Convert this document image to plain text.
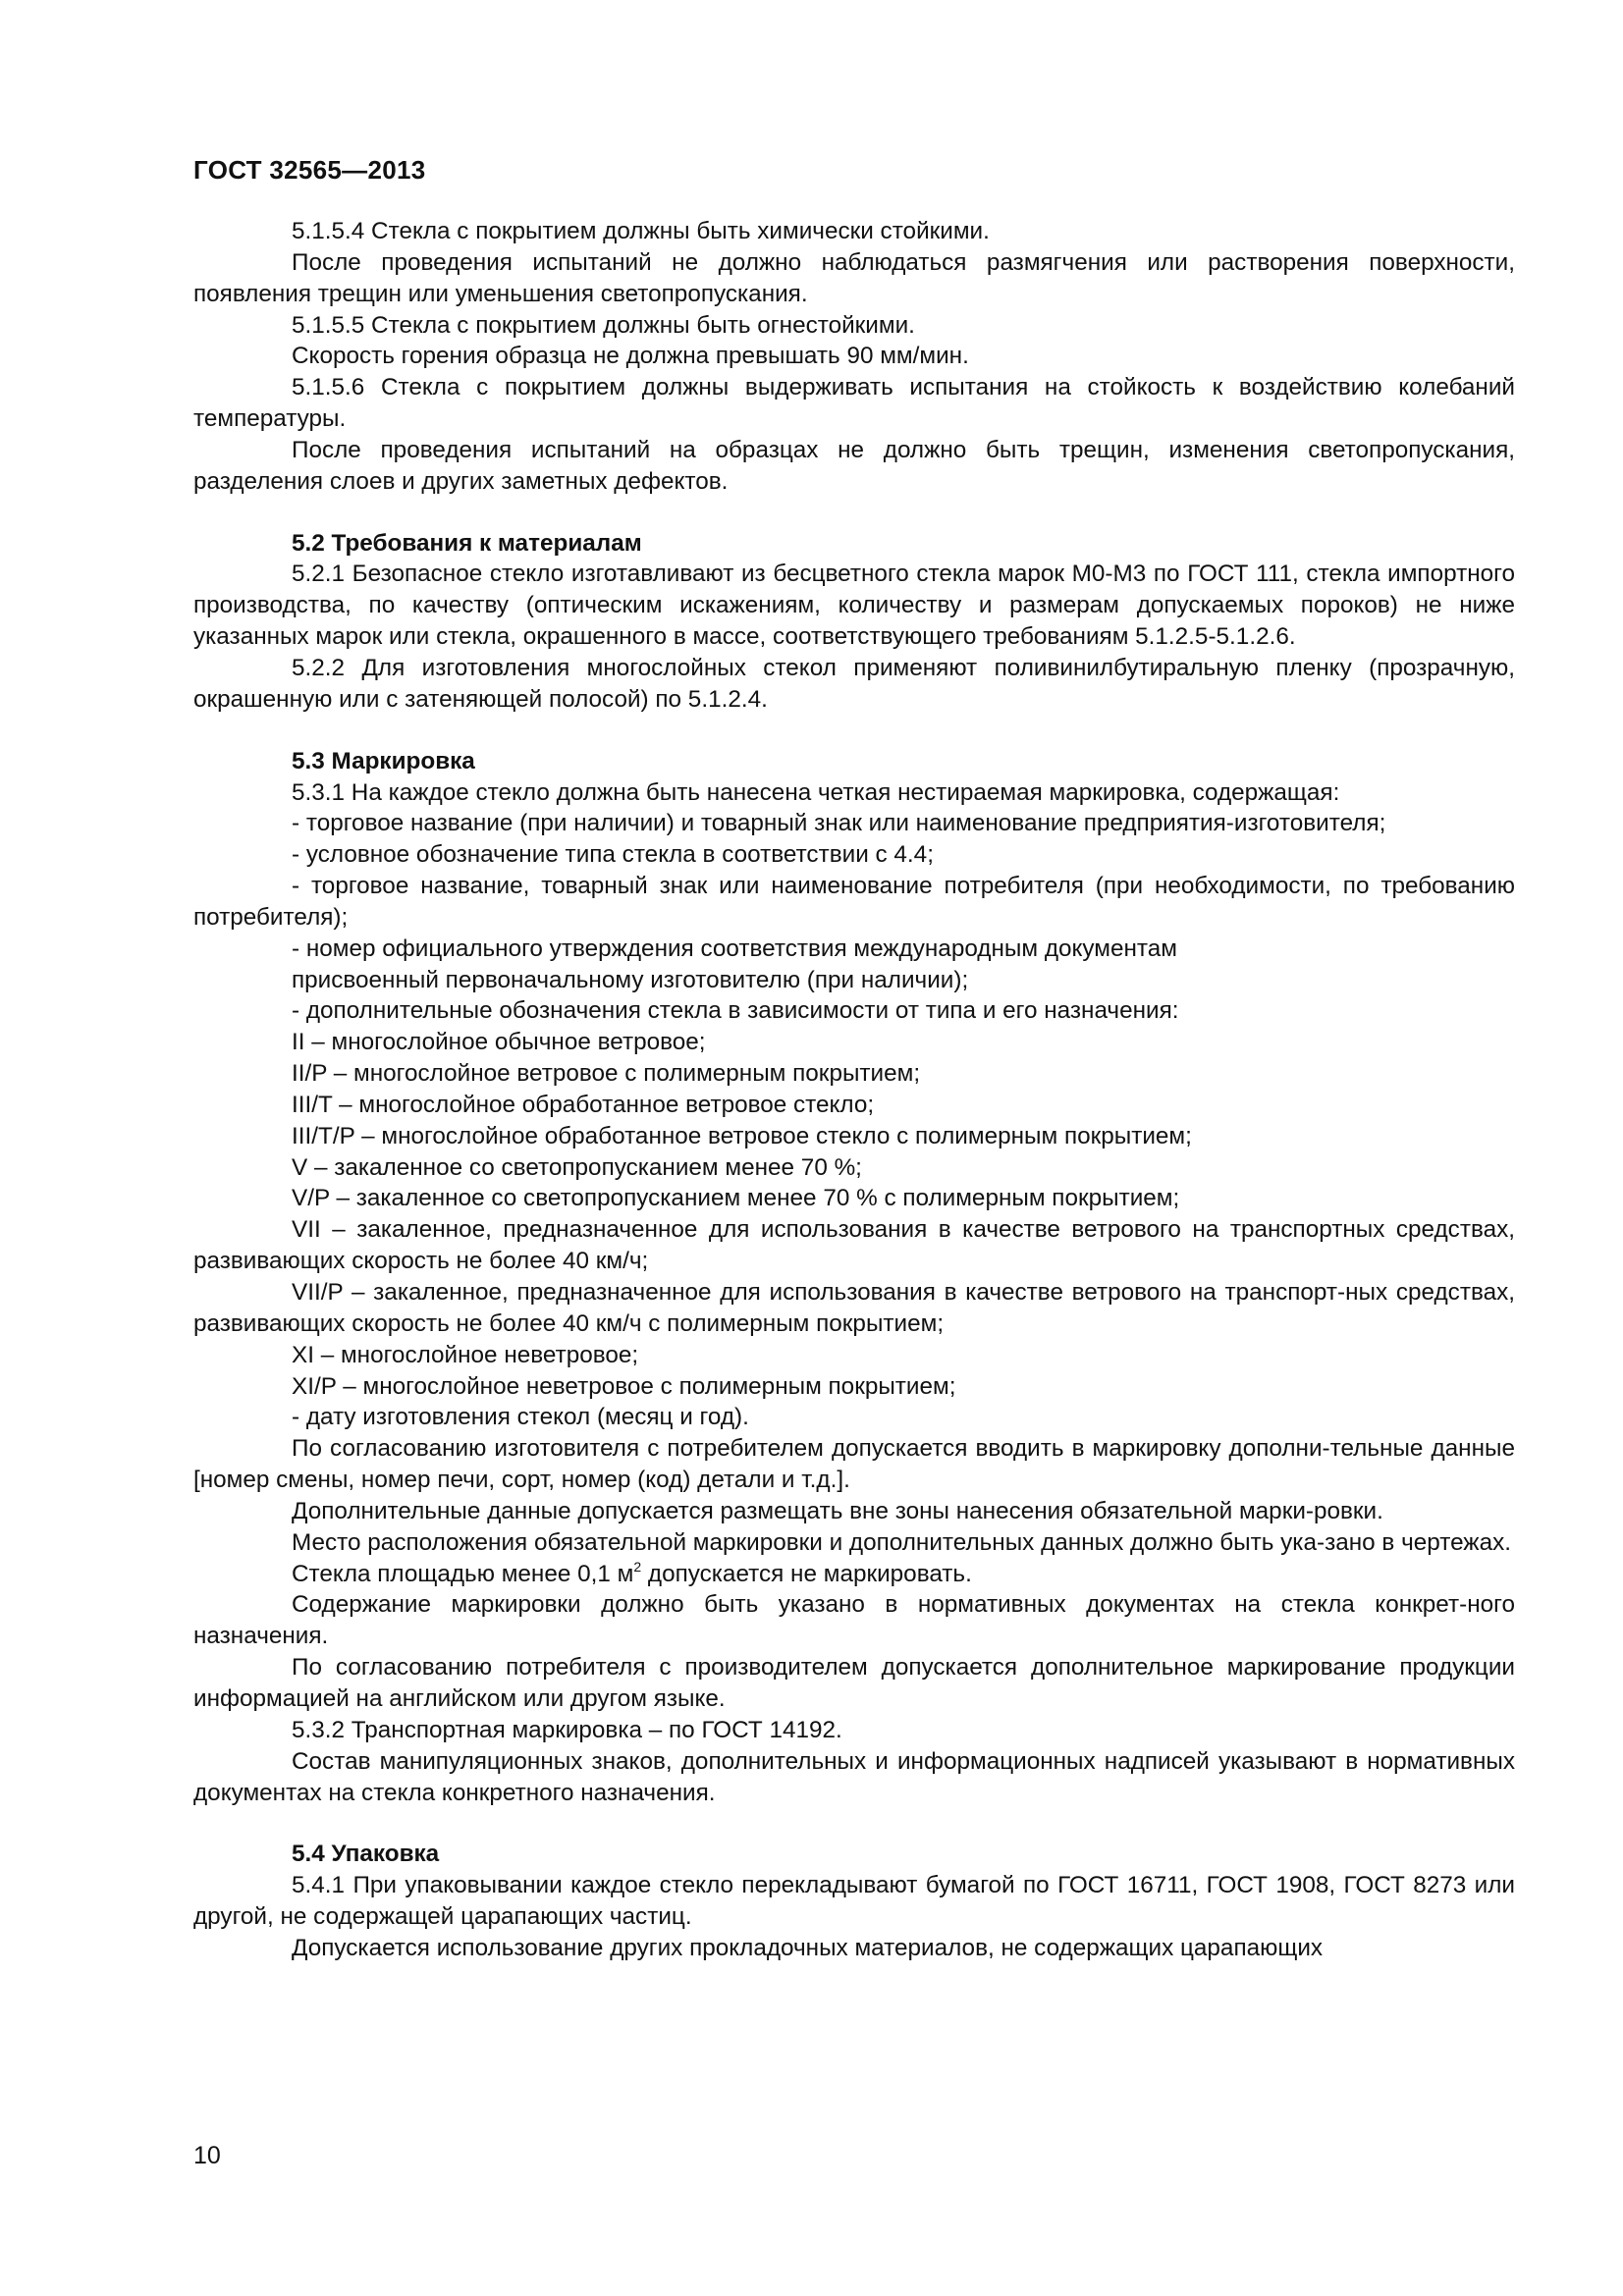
ГОСТ 32565—2013

5.1.5.4 Стекла с покрытием должны быть химически стойкими.

После проведения испытаний не должно наблюдаться размягчения или растворения поверхности, появления трещин или уменьшения светопропускания.

5.1.5.5 Стекла с покрытием должны быть огнестойкими.

Скорость горения образца не должна превышать 90 мм/мин.

5.1.5.6 Стекла с покрытием должны выдерживать испытания на стойкость к воздействию колебаний температуры.

После проведения испытаний на образцах не должно быть трещин, изменения светопропускания, разделения слоев и других заметных дефектов.

5.2 Требования к материалам

5.2.1 Безопасное стекло изготавливают из бесцветного стекла марок М0-М3 по ГОСТ 111, стекла импортного производства, по качеству (оптическим искажениям, количеству и размерам допускаемых пороков) не ниже указанных марок или стекла, окрашенного в массе, соответствующего требованиям 5.1.2.5-5.1.2.6.

5.2.2 Для изготовления многослойных стекол применяют поливинилбутиральную пленку (прозрачную, окрашенную или с затеняющей полосой) по 5.1.2.4.

5.3 Маркировка

5.3.1 На каждое стекло должна быть нанесена четкая нестираемая маркировка, содержащая:

- торговое название (при наличии) и товарный знак или наименование предприятия-изготовителя;

- условное обозначение типа стекла в соответствии с 4.4;

- торговое название, товарный знак или наименование потребителя (при необходимости, по требованию потребителя);

- номер официального утверждения соответствия международным документам

присвоенный первоначальному изготовителю (при наличии);

- дополнительные обозначения стекла в зависимости от типа и его назначения:

II – многослойное обычное ветровое;

II/P – многослойное ветровое с полимерным покрытием;

III/T – многослойное обработанное ветровое стекло;

III/T/P – многослойное обработанное ветровое стекло с полимерным покрытием;

V – закаленное со светопропусканием менее 70 %;

V/P – закаленное со светопропусканием менее 70 % с полимерным покрытием;

VII – закаленное, предназначенное для использования в качестве ветрового на транспортных средствах, развивающих скорость не более 40 км/ч;

VII/P – закаленное, предназначенное для использования в качестве ветрового на транспорт-ных средствах, развивающих скорость не более 40 км/ч с полимерным покрытием;

XI – многослойное неветровое;

XI/P – многослойное неветровое с полимерным покрытием;

- дату изготовления стекол (месяц и год).

По согласованию изготовителя с потребителем допускается вводить в маркировку дополни-тельные данные [номер смены, номер печи, сорт, номер (код) детали и т.д.].

Дополнительные данные допускается размещать вне зоны нанесения обязательной марки-ровки.

Место расположения обязательной маркировки и дополнительных данных должно быть ука-зано в чертежах.

Стекла площадью менее 0,1 $м^2$ допускается не маркировать.

Содержание маркировки должно быть указано в нормативных документах на стекла конкрет-ного назначения.

По согласованию потребителя с производителем допускается дополнительное маркирование продукции информацией на английском или другом языке.

5.3.2 Транспортная маркировка – по ГОСТ 14192.

Состав манипуляционных знаков, дополнительных и информационных надписей указывают в нормативных документах на стекла конкретного назначения.

5.4 Упаковка

5.4.1 При упаковывании каждое стекло перекладывают бумагой по ГОСТ 16711, ГОСТ 1908, ГОСТ 8273 или другой, не содержащей царапающих частиц.

Допускается использование других прокладочных материалов, не содержащих царапающих

10
